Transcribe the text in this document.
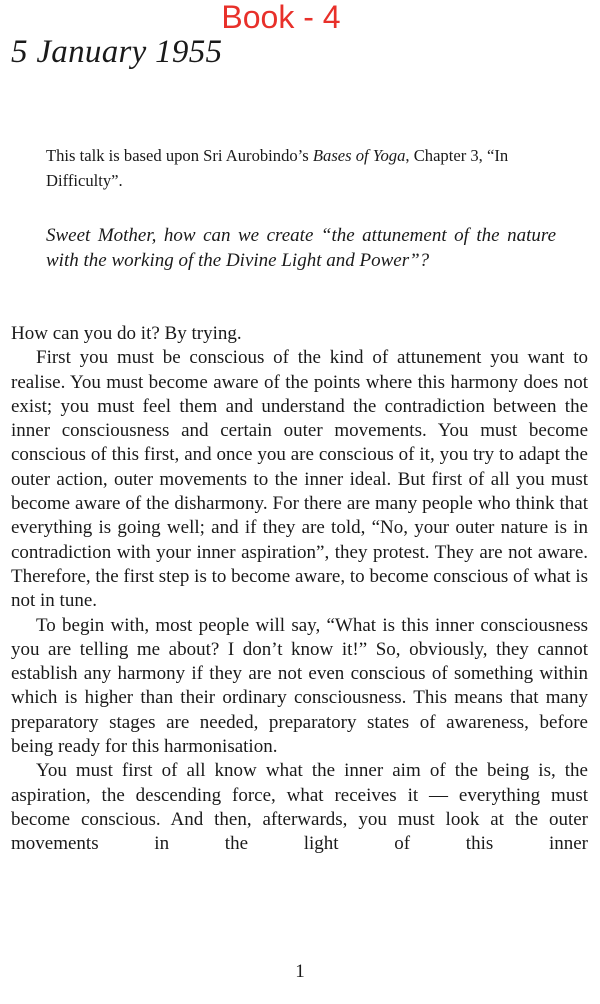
Book - 4

5 January 1955

This talk is based upon Sri Aurobindo’s Bases of Yoga, Chapter 3, “In Difficulty”.

Sweet Mother, how can we create “the attunement of the nature with the working of the Divine Light and Power”?

How can you do it? By trying.

First you must be conscious of the kind of attunement you want to realise. You must become aware of the points where this harmony does not exist; you must feel them and understand the contradiction between the inner consciousness and certain outer movements. You must become conscious of this first, and once you are conscious of it, you try to adapt the outer action, outer movements to the inner ideal. But first of all you must become aware of the disharmony. For there are many people who think that everything is going well; and if they are told, “No, your outer nature is in contradiction with your inner aspiration”, they protest. They are not aware. Therefore, the first step is to become aware, to become conscious of what is not in tune.

To begin with, most people will say, “What is this inner consciousness you are telling me about? I don’t know it!” So, obviously, they cannot establish any harmony if they are not even conscious of something within which is higher than their ordinary consciousness. This means that many preparatory stages are needed, preparatory states of awareness, before being ready for this harmonisation.

You must first of all know what the inner aim of the being is, the aspiration, the descending force, what receives it — everything must become conscious. And then, afterwards, you must look at the outer movements in the light of this inner

1
